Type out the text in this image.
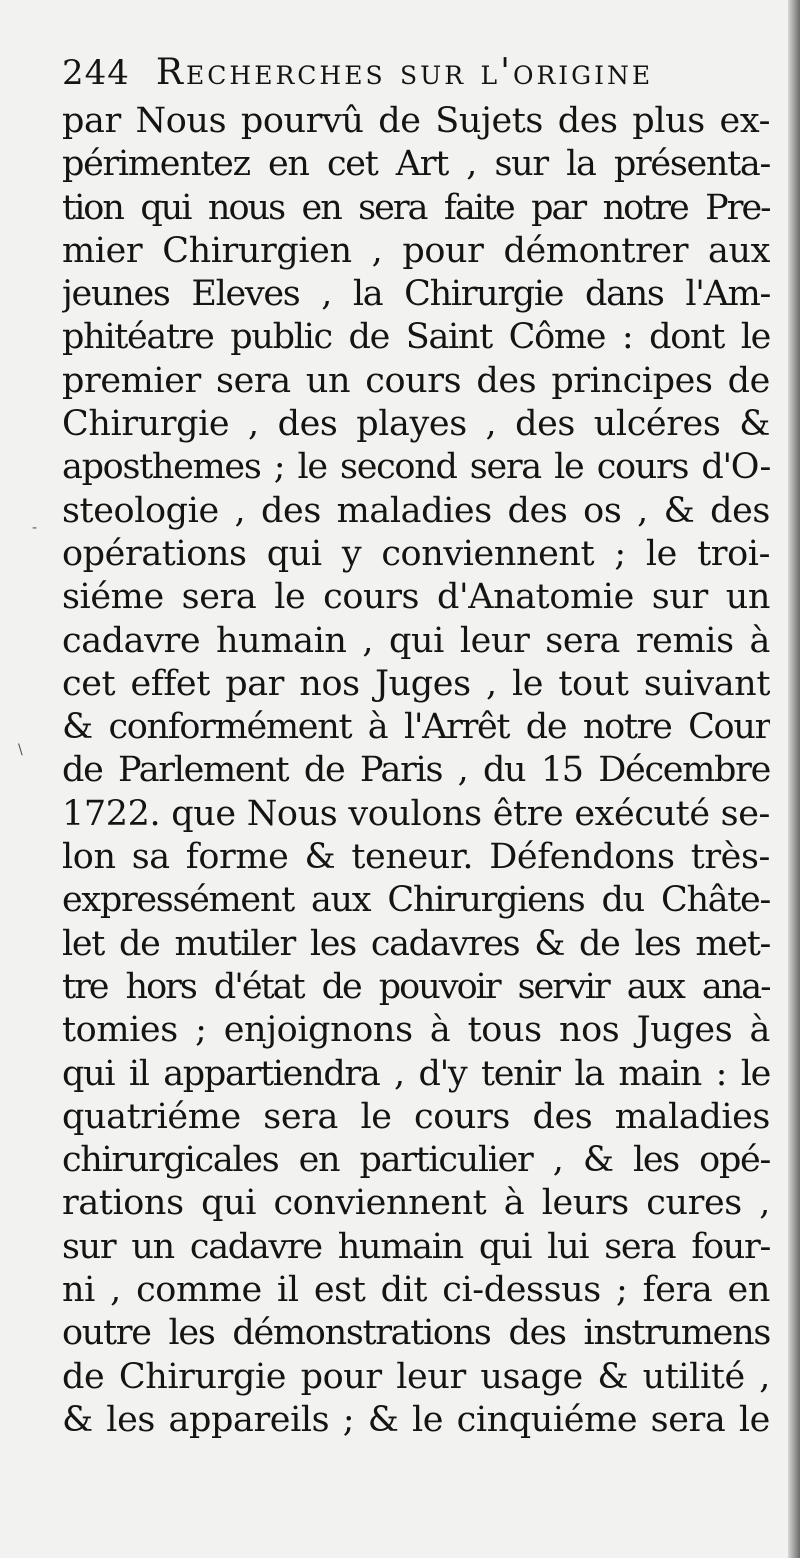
-
\
244 Recherches sur l'origine
par Nous pourvû de Sujets des plus ex-
périmentez en cet Art , sur la présenta-
tion qui nous en sera faite par notre Pre-
mier Chirurgien , pour démontrer aux
jeunes Eleves , la Chirurgie dans l'Am-
phitéatre public de Saint Côme : dont le
premier sera un cours des principes de
Chirurgie , des playes , des ulcéres &
aposthemes ; le second sera le cours d'O-
steologie , des maladies des os , & des
opérations qui y conviennent ; le troi-
siéme sera le cours d'Anatomie sur un
cadavre humain , qui leur sera remis à
cet effet par nos Juges , le tout suivant
& conformément à l'Arrêt de notre Cour
de Parlement de Paris , du 15 Décembre
1722. que Nous voulons être exécuté se-
lon sa forme & teneur. Défendons très-
expressément aux Chirurgiens du Châte-
let de mutiler les cadavres & de les met-
tre hors d'état de pouvoir servir aux ana-
tomies ; enjoignons à tous nos Juges à
qui il appartiendra , d'y tenir la main : le
quatriéme sera le cours des maladies
chirurgicales en particulier , & les opé-
rations qui conviennent à leurs cures ,
sur un cadavre humain qui lui sera four-
ni , comme il est dit ci-dessus ; fera en
outre les démonstrations des instrumens
de Chirurgie pour leur usage & utilité ,
& les appareils ; & le cinquiéme sera le
